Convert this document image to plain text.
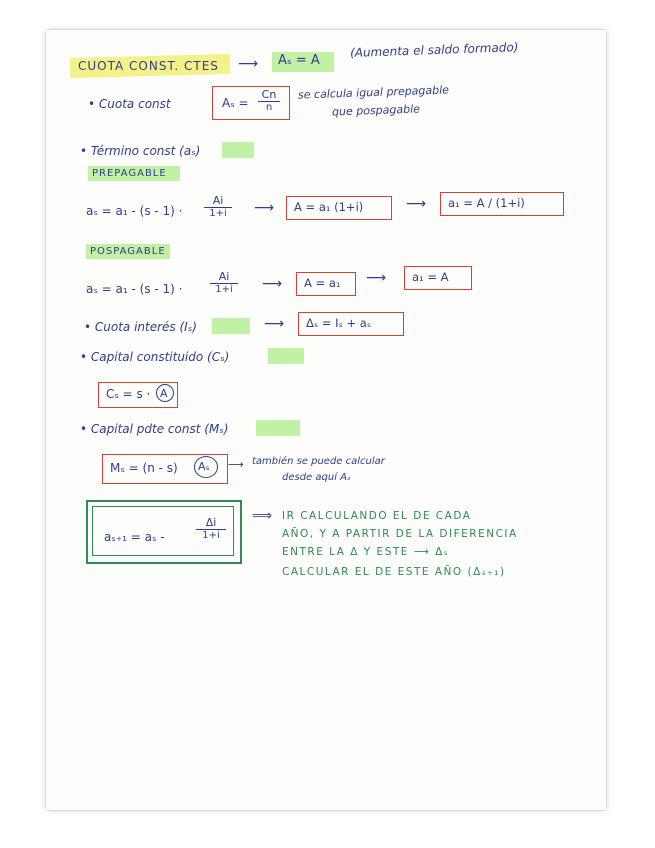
CUOTA CONST. CTES ⟶ Aₛ = A
(Aumenta el saldo formado)
• Cuota const	$A_s = \frac{Cn}{n}$ se calcula igual prepagable
que pospagable
• Término const (aₛ)
PREPAGABLE
$a_s = a_1 - (s - 1) \cdot \frac{Ai}{1+i}$ ⟶ A = a₁ (1+i)	⟶ a₁ = A / (1+i)
POSPAGABLE
aₛ = a₁ - (s - 1) ·	$\frac{Ai}{1+i}$ ⟶ A = a₁ ⟶ a₁ = A
• Cuota interés (Iₛ)	⟶ Δₛ = Iₛ + aₛ
• Capital constituido (Cₛ)
Cₛ = s · A
• Capital pdte const (Mₛ)
Mₛ = (n - s) Aₛ ⟶ también se puede calcular
desde aquí Aₛ
aₛ₊₁ = aₛ -	$\frac{\Delta i}{1+i}$ ⟹ IR CALCULANDO EL DE CADA
AÑO, Y A PARTIR DE LA DIFERENCIA
ENTRE LA Δ Y ESTE ⟶ Δₛ
CALCULAR EL DE ESTE AÑO (Δₛ₊₁)
